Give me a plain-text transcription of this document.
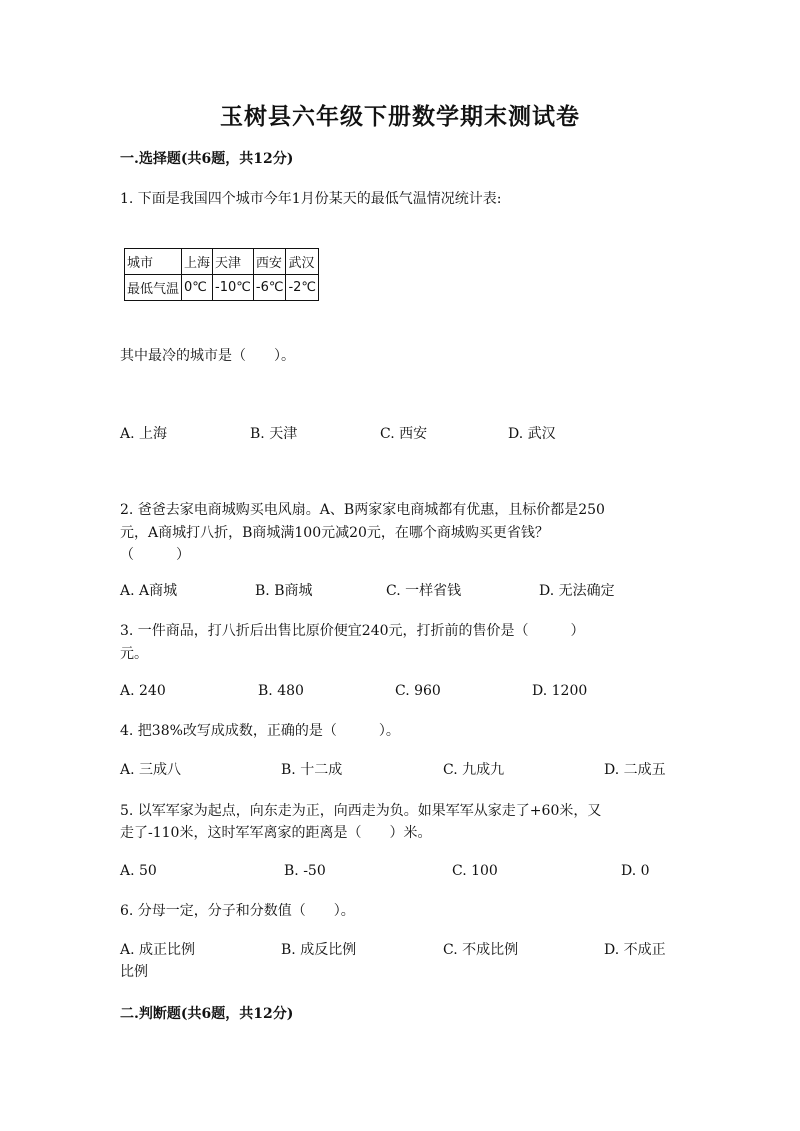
玉树县六年级下册数学期末测试卷
一.选择题(共6题，共12分)
1. 下面是我国四个城市今年1月份某天的最低气温情况统计表:
城市	上海	天津	西安	武汉
最低气温	0℃	-10℃	-6℃	-2℃
其中最冷的城市是（　　）。
A. 上海	B. 天津	C. 西安	D. 武汉
2. 爸爸去家电商城购买电风扇。A、B两家家电商城都有优惠，且标价都是250
元，A商城打八折，B商城满100元减20元，在哪个商城购买更省钱？
（　　　）
A. A商城	B. B商城	C. 一样省钱	D. 无法确定
3. 一件商品，打八折后出售比原价便宜240元，打折前的售价是（　　　）
元。
A. 240	B. 480	C. 960	D. 1200
4. 把38%改写成成数，正确的是（　　　）。
A. 三成八	B. 十二成	C. 九成九	D. 二成五
5. 以军军家为起点，向东走为正，向西走为负。如果军军从家走了+60米，又
走了-110米，这时军军离家的距离是（　　）米。
A. 50	B. -50	C. 100	D. 0
6. 分母一定，分子和分数值（　　）。
A. 成正比例	B. 成反比例	C. 不成比例	D. 不成正
比例
二.判断题(共6题，共12分)
